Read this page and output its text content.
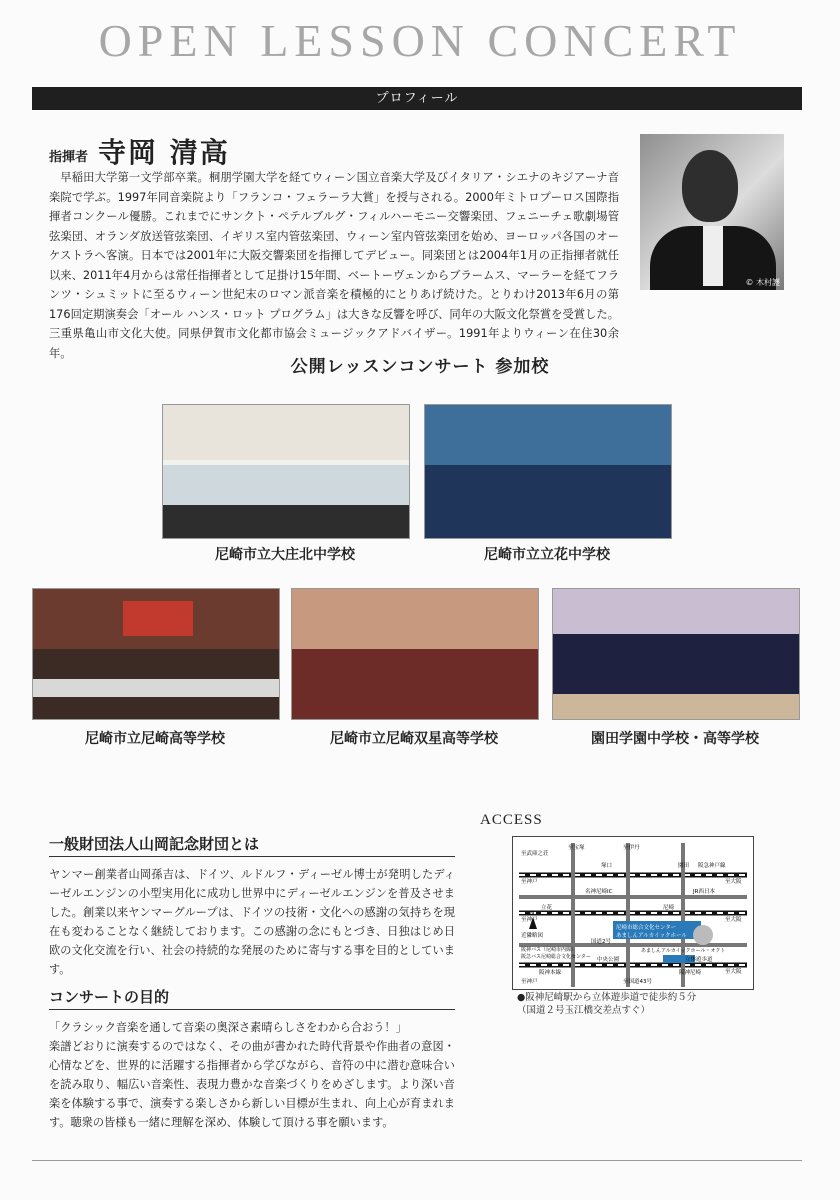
OPEN LESSON CONCERT
プロフィール
指揮者 寺岡 清高
早稲田大学第一文学部卒業。桐朋学園大学を経てウィーン国立音楽大学及びイタリア・シエナのキジアーナ音楽院で学ぶ。1997年同音楽院より「フランコ・フェラーラ大賞」を授与される。2000年ミトロプーロス国際指揮者コンクール優勝。これまでにサンクト・ペテルブルグ・フィルハーモニー交響楽団、フェニーチェ歌劇場管弦楽団、オランダ放送管弦楽団、イギリス室内管弦楽団、ウィーン室内管弦楽団を始め、ヨーロッパ各国のオーケストラへ客演。日本では2001年に大阪交響楽団を指揮してデビュー。同楽団とは2004年1月の正指揮者就任以来、2011年4月からは常任指揮者として足掛け15年間、ベートーヴェンからブラームス、マーラーを経てフランツ・シュミットに至るウィーン世紀末のロマン派音楽を積極的にとりあげ続けた。とりわけ2013年6月の第176回定期演奏会「オール ハンス・ロット プログラム」は大きな反響を呼び、同年の大阪文化祭賞を受賞した。三重県亀山市文化大使。同県伊賀市文化都市協会ミュージックアドバイザー。1991年よりウィーン在住30余年。
© 木村護
公開レッスンコンサート 参加校
尼崎市立大庄北中学校	尼崎市立立花中学校
尼崎市立尼崎高等学校	尼崎市立尼崎双星高等学校	園田学園中学校・高等学校
一般財団法人山岡記念財団とは
ヤンマー創業者山岡孫吉は、ドイツ、ルドルフ・ディーゼル博士が発明したディーゼルエンジンの小型実用化に成功し世界中にディーゼルエンジンを普及させました。創業以来ヤンマーグループは、ドイツの技術・文化への感謝の気持ちを現在も変わることなく継続しております。この感謝の念にもとづき、日独はじめ日欧の文化交流を行い、社会の持続的な発展のために寄与する事を目的としています。
コンサートの目的
「クラシック音楽を通して音楽の奥深さ素晴らしさをわから合おう！」
楽譜どおりに演奏するのではなく、その曲が書かれた時代背景や作曲者の意図・心情などを、世界的に活躍する指揮者から学びながら、音符の中に潜む意味合いを読み取り、幅広い音楽性、表現力豊かな音楽づくりをめざします。より深い音楽を体験する事で、演奏する楽しさから新しい目標が生まれ、向上心が育まれます。聴衆の皆様も一緒に理解を深め、体験して頂ける事を願います。
ACCESS
N
近隣略図
至武庫之荘
至宝塚	至伊丹
塚口	園田 阪急神戸線
至大阪
至神戸
名神尼崎IC	JR西日本
立花	尼崎
至神戸	至大阪
尼崎市総合文化センター
あましんアルカイックホール
あましんアルカイックホール・オクト
阪神バス（尼崎市内線）
阪急バス尼崎総合文化センター
国道2号
中央公園
阪神本線	阪神尼崎
至国道43号
立体遊歩道
至大阪
至神戸
●阪神尼崎駅から立体遊歩道で徒歩約５分
（国道２号玉江橋交差点すぐ）
